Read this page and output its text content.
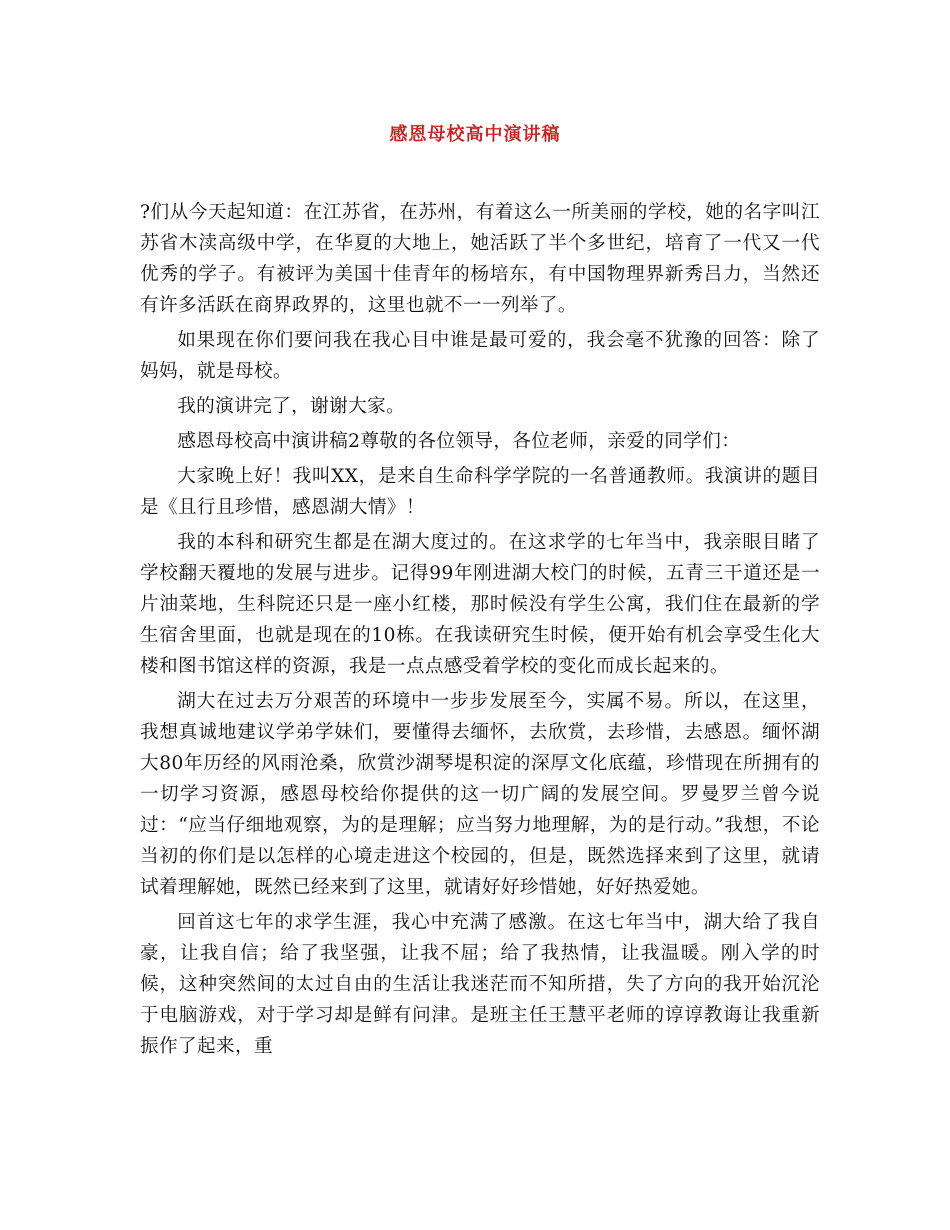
感恩母校高中演讲稿

?们从今天起知道：在江苏省，在苏州，有着这么一所美丽的学校，她的名字叫江苏省木渎高级中学，在华夏的大地上，她活跃了半个多世纪，培育了一代又一代优秀的学子。有被评为美国十佳青年的杨培东，有中国物理界新秀吕力，当然还有许多活跃在商界政界的，这里也就不一一列举了。

如果现在你们要问我在我心目中谁是最可爱的，我会毫不犹豫的回答：除了妈妈，就是母校。

我的演讲完了，谢谢大家。

感恩母校高中演讲稿2尊敬的各位领导，各位老师，亲爱的同学们：

大家晚上好！我叫XX，是来自生命科学学院的一名普通教师。我演讲的题目是《且行且珍惜，感恩湖大情》！

我的本科和研究生都是在湖大度过的。在这求学的七年当中，我亲眼目睹了学校翻天覆地的发展与进步。记得99年刚进湖大校门的时候，五青三干道还是一片油菜地，生科院还只是一座小红楼，那时候没有学生公寓，我们住在最新的学生宿舍里面，也就是现在的10栋。在我读研究生时候，便开始有机会享受生化大楼和图书馆这样的资源，我是一点点感受着学校的变化而成长起来的。

湖大在过去万分艰苦的环境中一步步发展至今，实属不易。所以，在这里，我想真诚地建议学弟学妹们，要懂得去缅怀，去欣赏，去珍惜，去感恩。缅怀湖大80年历经的风雨沧桑，欣赏沙湖琴堤积淀的深厚文化底蕴，珍惜现在所拥有的一切学习资源，感恩母校给你提供的这一切广阔的发展空间。罗曼罗兰曾今说过：“应当仔细地观察，为的是理解；应当努力地理解，为的是行动。”我想，不论当初的你们是以怎样的心境走进这个校园的，但是，既然选择来到了这里，就请试着理解她，既然已经来到了这里，就请好好珍惜她，好好热爱她。

回首这七年的求学生涯，我心中充满了感激。在这七年当中，湖大给了我自豪，让我自信；给了我坚强，让我不屈；给了我热情，让我温暖。刚入学的时候，这种突然间的太过自由的生活让我迷茫而不知所措，失了方向的我开始沉沦于电脑游戏，对于学习却是鲜有问津。是班主任王慧平老师的谆谆教诲让我重新振作了起来，重
